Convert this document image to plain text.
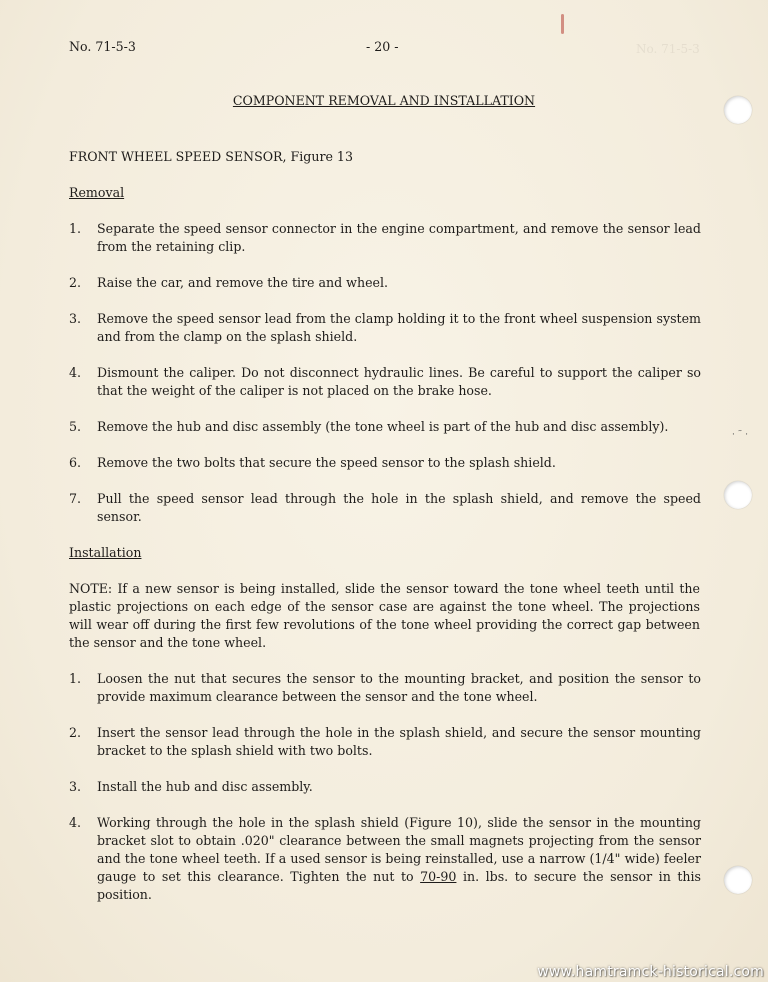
No. 71-5-3
· ˜ ·
No. 71-5-3	- 20 -
COMPONENT REMOVAL AND INSTALLATION
FRONT WHEEL SPEED SENSOR, Figure 13
Removal
1. Separate the speed sensor connector in the engine compartment, and remove the sensor lead from the retaining clip.
2. Raise the car, and remove the tire and wheel.
3. Remove the speed sensor lead from the clamp holding it to the front wheel suspension system and from the clamp on the splash shield.
4. Dismount the caliper. Do not disconnect hydraulic lines. Be careful to support the caliper so that the weight of the caliper is not placed on the brake hose.
5. Remove the hub and disc assembly (the tone wheel is part of the hub and disc assembly).
6. Remove the two bolts that secure the speed sensor to the splash shield.
7. Pull the speed sensor lead through the hole in the splash shield, and remove the speed sensor.
Installation
NOTE: If a new sensor is being installed, slide the sensor toward the tone wheel teeth until the plastic projections on each edge of the sensor case are against the tone wheel. The projections will wear off during the first few revolutions of the tone wheel providing the correct gap between the sensor and the tone wheel.
1. Loosen the nut that secures the sensor to the mounting bracket, and position the sensor to provide maximum clearance between the sensor and the tone wheel.
2. Insert the sensor lead through the hole in the splash shield, and secure the sensor mounting bracket to the splash shield with two bolts.
3. Install the hub and disc assembly.
4. Working through the hole in the splash shield (Figure 10), slide the sensor in the mounting bracket slot to obtain .020" clearance between the small magnets projecting from the sensor and the tone wheel teeth. If a used sensor is being reinstalled, use a narrow (1/4" wide) feeler gauge to set this clearance. Tighten the nut to 70-90 in. lbs. to secure the sensor in this position.
www.hamtramck-historical.com
